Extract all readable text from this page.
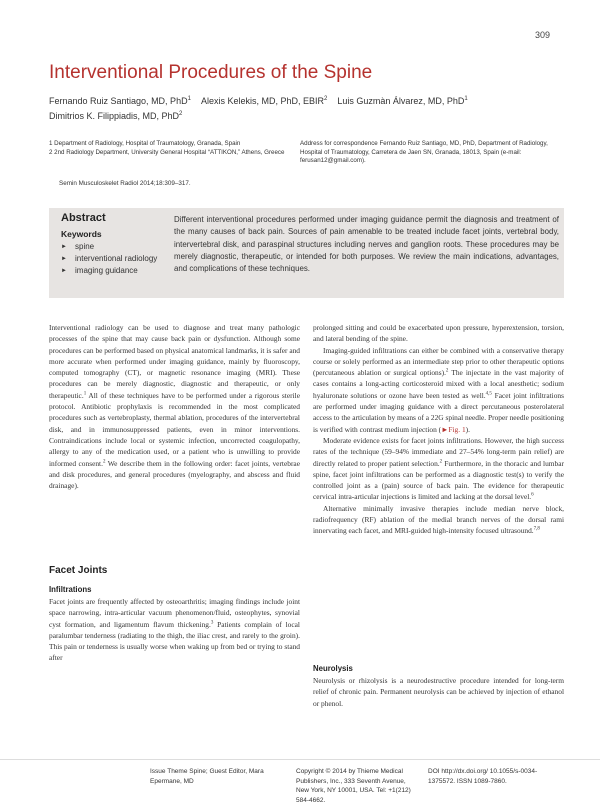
309
Interventional Procedures of the Spine
Fernando Ruiz Santiago, MD, PhD$^1$ Alexis Kelekis, MD, PhD, EBIR$^2$ Luis Guzmàn Álvarez, MD, PhD$^1$
Dimitrios K. Filippiadis, MD, PhD$^2$
1 Department of Radiology, Hospital of Traumatology, Granada, Spain
2 2nd Radiology Department, University General Hospital “ATTIKON,” Athens, Greece
Address for correspondence Fernando Ruiz Santiago, MD, PhD, Department of Radiology, Hospital of Traumatology, Carretera de Jaen SN, Granada, 18013, Spain (e-mail: ferusan12@gmail.com).
Semin Musculoskelet Radiol 2014;18:309–317.
Abstract
Keywords
► spine
► interventional radiology
► imaging guidance
Different interventional procedures performed under imaging guidance permit the diagnosis and treatment of the many causes of back pain. Sources of pain amenable to be treated include facet joints, vertebral body, intervertebral disk, and paraspinal structures including nerves and ganglion roots. These procedures may be merely diagnostic, therapeutic, or intended for both purposes. We review the main indications, advantages, and complications of these techniques.

Interventional radiology can be used to diagnose and treat many pathologic processes of the spine that may cause back pain or dysfunction. Although some procedures can be performed based on physical anatomical landmarks, it is safer and more accurate when performed under imaging guidance, mainly by fluoroscopy, computed tomography (CT), or magnetic resonance imaging (MRI). These procedures can be merely diagnostic, diagnostic and therapeutic, or only therapeutic.$^1$ All of these techniques have to be performed under a rigorous sterile protocol. Antibiotic prophylaxis is recommended in the most complicated procedures such as vertebroplasty, thermal ablation, procedures of the intervertebral disk, and in immunosuppressed patients, even in minor interventions. Contraindications include local or systemic infection, uncorrected coagulopathy, allergy to any of the medication used, or a patient who is unwilling to provide informed consent.$^2$ We describe them in the following order: facet joints, vertebrae and disk procedures, and general procedures (myelography, and abscess and fluid drainage).

Facet Joints
Infiltrations

Facet joints are frequently affected by osteoarthritis; imaging findings include joint space narrowing, intra-articular vacuum phenomenon/fluid, osteophytes, synovial cyst formation, and ligamentum flavum thickening.$^3$ Patients complain of local paralumbar tenderness (radiating to the thigh, the iliac crest, and rarely to the groin). This pain or tenderness is usually worse when waking up from bed or trying to stand after

prolonged sitting and could be exacerbated upon pressure, hyperextension, torsion, and lateral bending of the spine.

Imaging-guided infiltrations can either be combined with a conservative therapy course or solely performed as an intermediate step prior to other therapeutic options (percutaneous ablation or surgical options).$^2$ The injectate in the vast majority of cases contains a long-acting corticosteroid mixed with a local anesthetic; sodium hyaluronate solutions or ozone have been tested as well.$^{4,5}$ Facet joint infiltrations are performed under imaging guidance with a direct percutaneous posterolateral access to the articulation by means of a 22G spinal needle. Proper needle positioning is verified with contrast medium injection (►Fig. 1).

Moderate evidence exists for facet joints infiltrations. However, the high success rates of the technique (59–94% immediate and 27–54% long-term pain relief) are directly related to proper patient selection.$^2$ Furthermore, in the thoracic and lumbar spine, facet joint infiltrations can be performed as a diagnostic test(s) to verify the controlled joint as a (pain) source of back pain. The evidence for therapeutic cervical intra-articular injections is limited and lacking at the dorsal level.$^6$

Alternative minimally invasive therapies include median nerve block, radiofrequency (RF) ablation of the medial branch nerves of the dorsal rami innervating each facet, and MRI-guided high-intensity focused ultrasound.$^{7,8}$

Neurolysis

Neurolysis or rhizolysis is a neurodestructive procedure intended for long-term relief of chronic pain. Permanent neurolysis can be achieved by injection of ethanol or phenol.

Issue Theme Spine; Guest Editor, Mara Epermane, MD
Copyright © 2014 by Thieme Medical Publishers, Inc., 333 Seventh Avenue, New York, NY 10001, USA. Tel: +1(212) 584-4662.
DOI http://dx.doi.org/ 10.1055/s-0034-1375572. ISSN 1089-7860.
